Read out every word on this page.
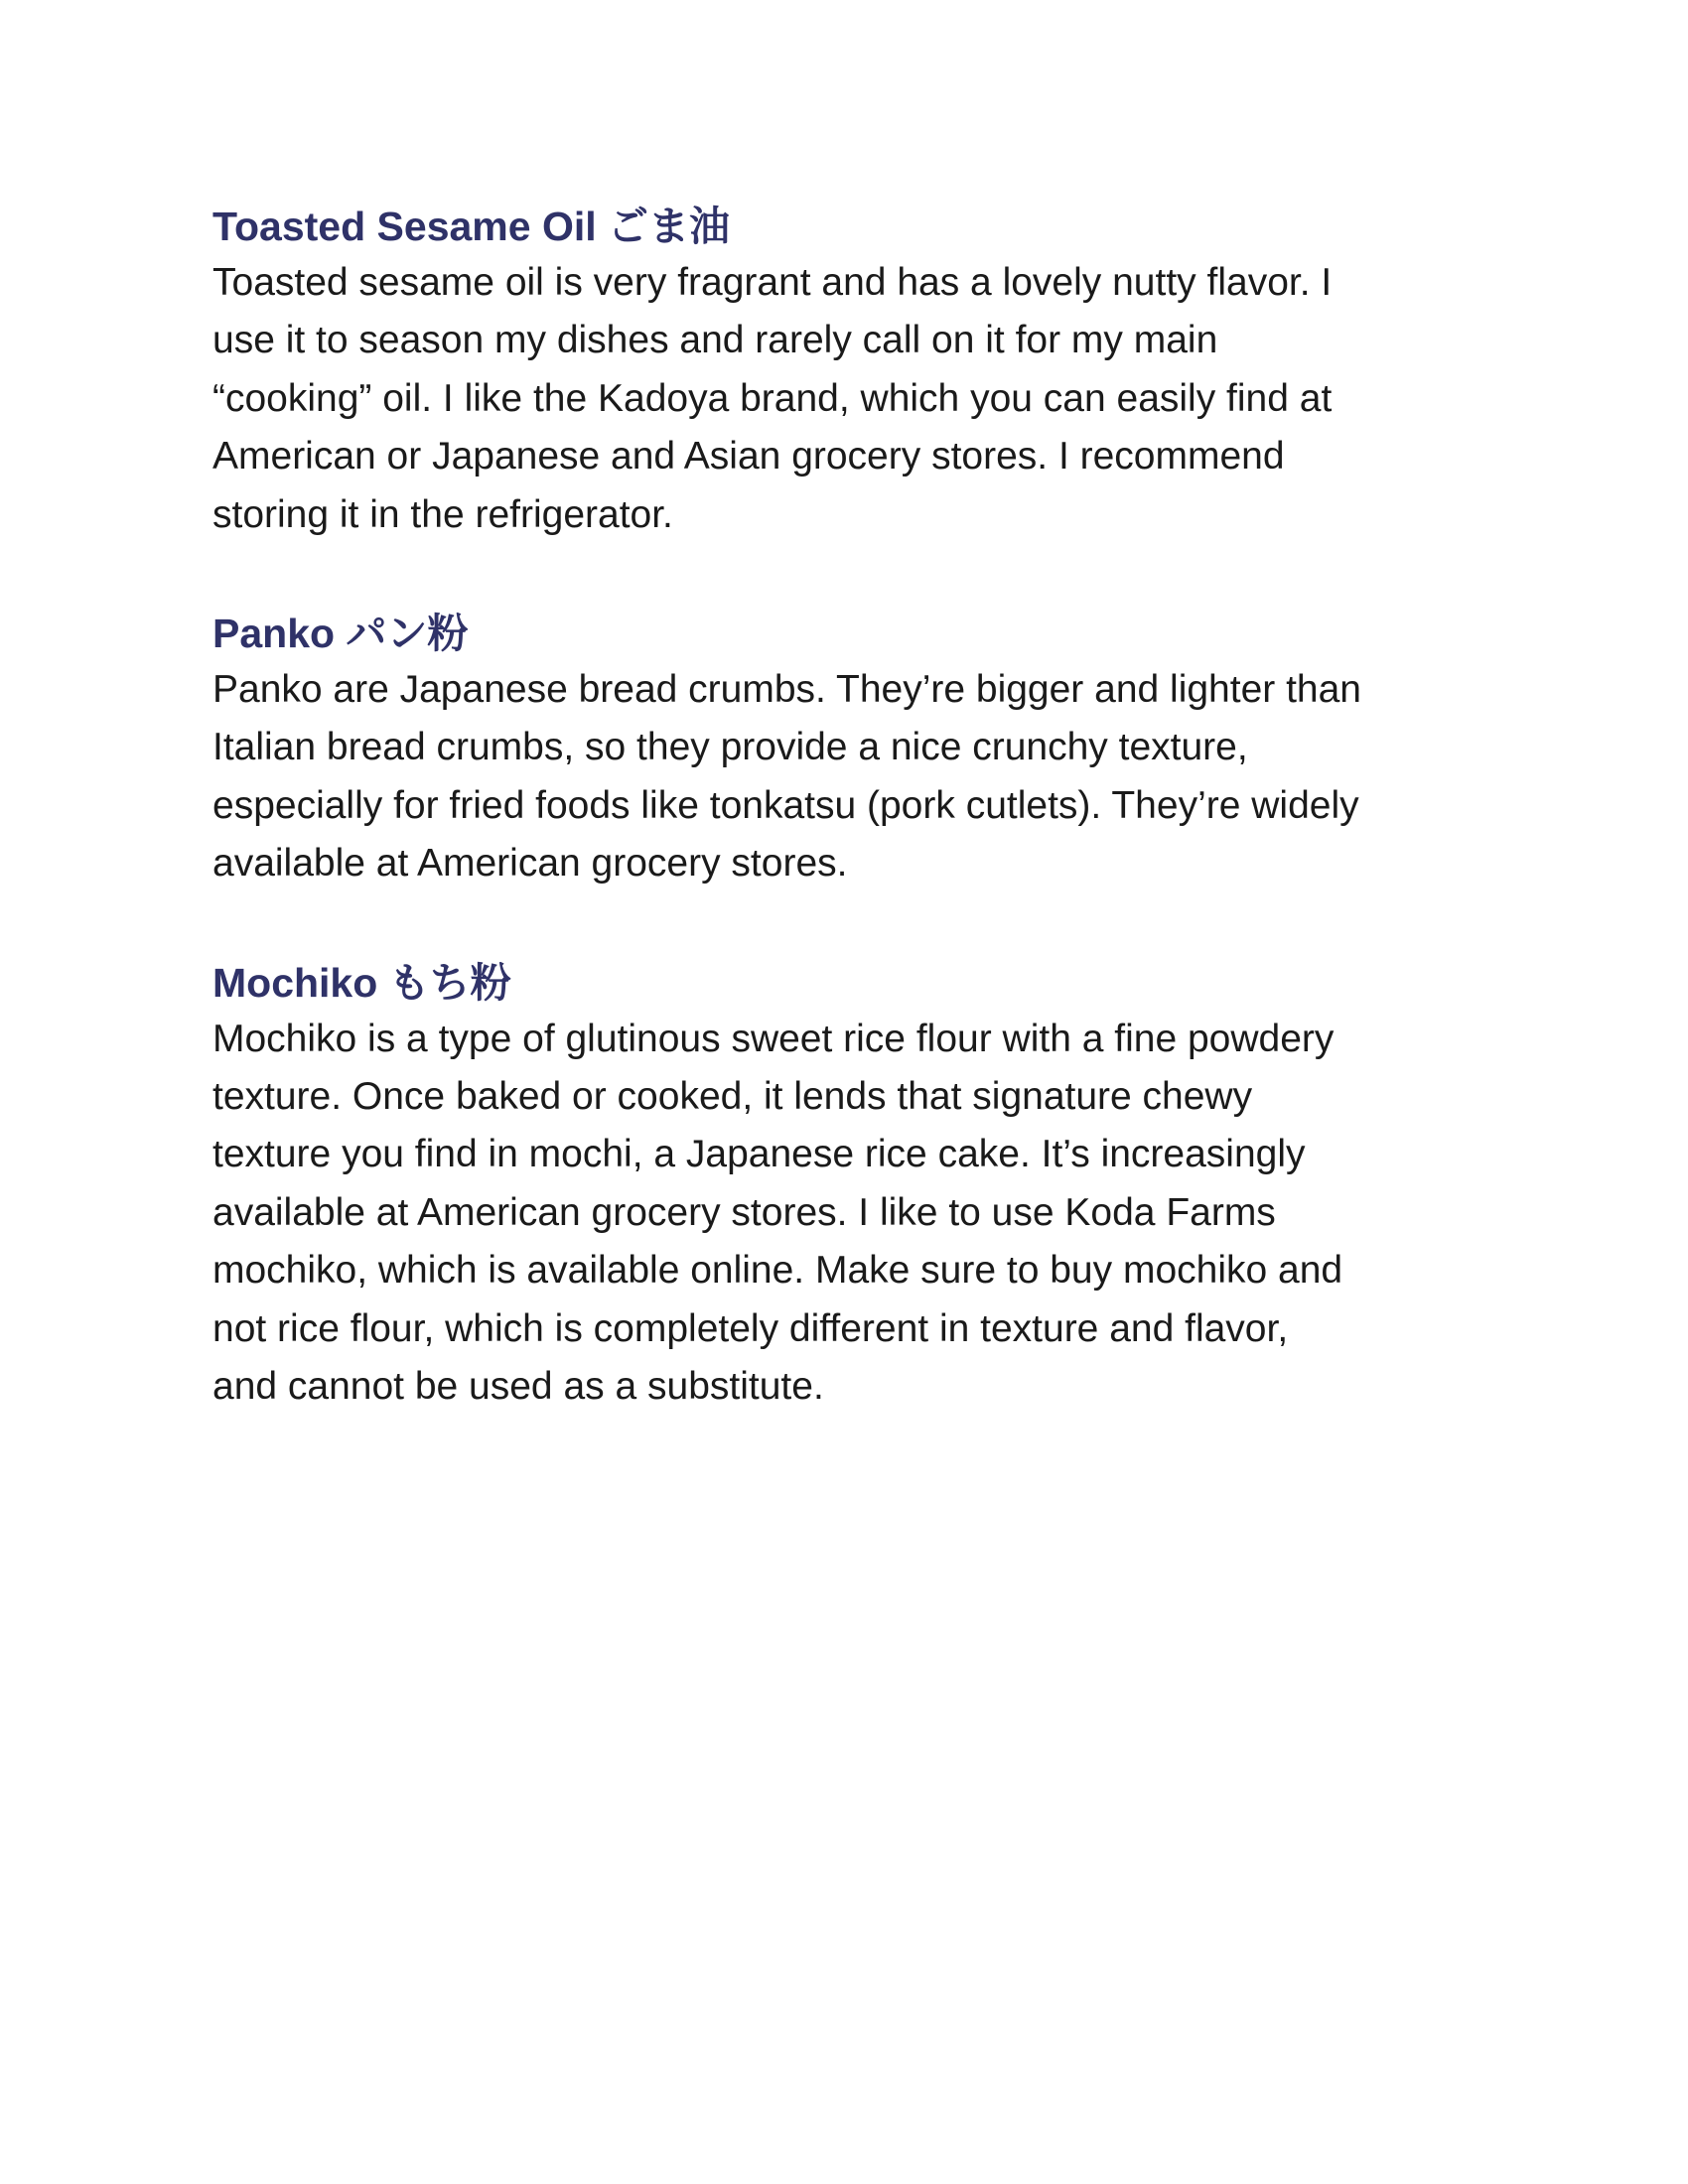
Toasted Sesame Oil ごま油

Toasted sesame oil is very fragrant and has a lovely nutty flavor. I
use it to season my dishes and rarely call on it for my main
“cooking” oil. I like the Kadoya brand, which you can easily find at
American or Japanese and Asian grocery stores. I recommend
storing it in the refrigerator.

Panko パン粉

Panko are Japanese bread crumbs. They’re bigger and lighter than
Italian bread crumbs, so they provide a nice crunchy texture,
especially for fried foods like tonkatsu (pork cutlets). They’re widely
available at American grocery stores.

Mochiko もち粉

Mochiko is a type of glutinous sweet rice flour with a fine powdery
texture. Once baked or cooked, it lends that signature chewy
texture you find in mochi, a Japanese rice cake. It’s increasingly
available at American grocery stores. I like to use Koda Farms
mochiko, which is available online. Make sure to buy mochiko and
not rice flour, which is completely different in texture and flavor,
and cannot be used as a substitute.
